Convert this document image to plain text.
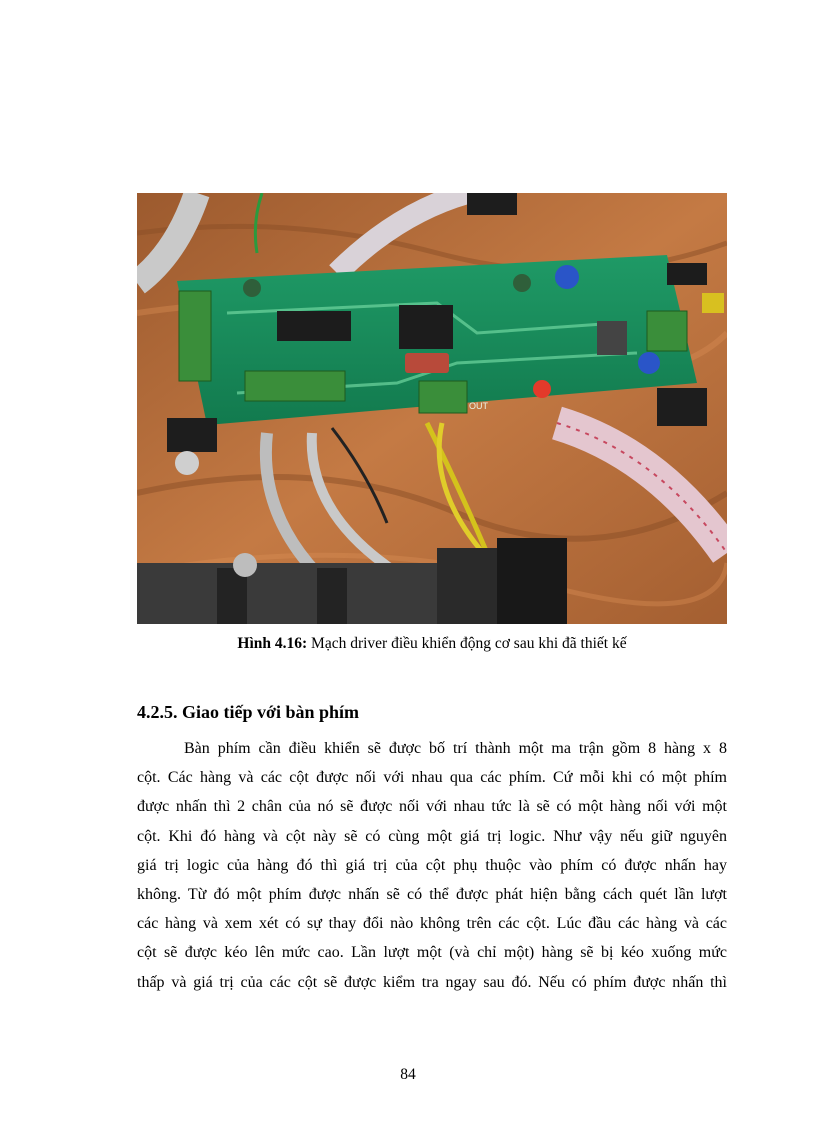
OUT
Hình 4.16: Mạch driver điều khiển động cơ sau khi đã thiết kế
4.2.5. Giao tiếp với bàn phím
Bàn phím cần điều khiển sẽ được bố trí thành một ma trận gồm 8 hàng x 8
cột. Các hàng và các cột được nối với nhau qua các phím. Cứ mỗi khi có một phím
được nhấn thì 2 chân của nó sẽ được nối với nhau tức là sẽ có một hàng nối với một
cột. Khi đó hàng và cột này sẽ có cùng một giá trị logic. Như vậy nếu giữ nguyên
giá trị logic của hàng đó thì giá trị của cột phụ thuộc vào phím có được nhấn hay
không. Từ đó một phím được nhấn sẽ có thể được phát hiện bằng cách quét lần lượt
các hàng và xem xét có sự thay đổi nào không trên các cột. Lúc đầu các hàng và các
cột sẽ được kéo lên mức cao. Lần lượt một (và chỉ một) hàng sẽ bị kéo xuống mức
thấp và giá trị của các cột sẽ được kiểm tra ngay sau đó. Nếu có phím được nhấn thì
84
